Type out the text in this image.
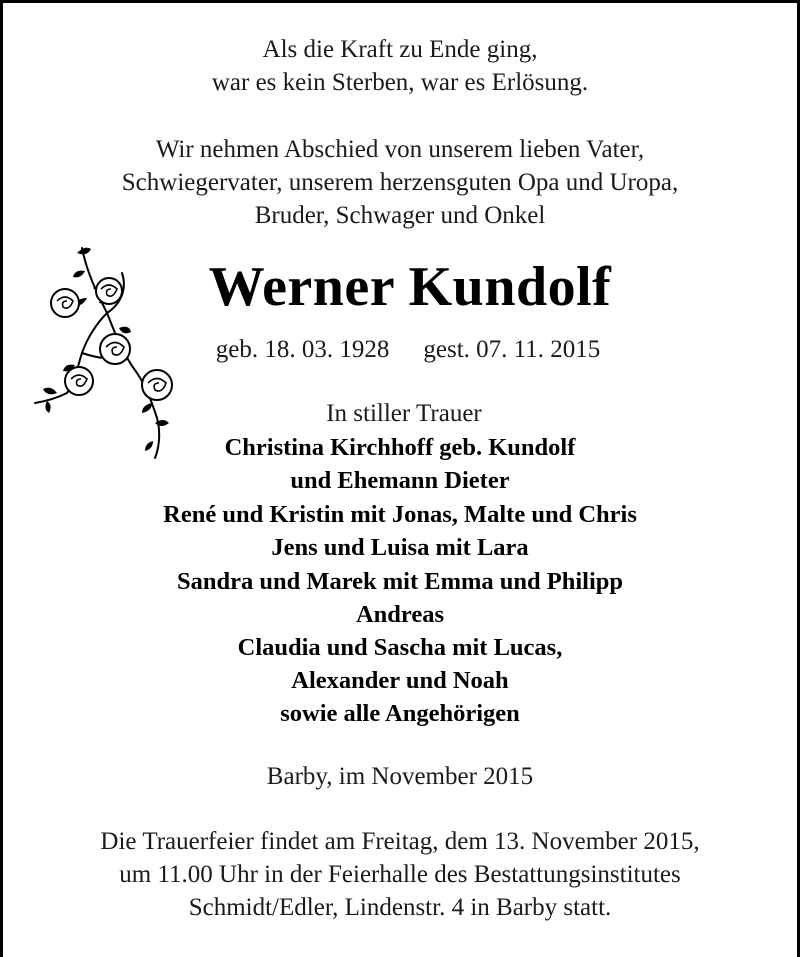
Als die Kraft zu Ende ging,
war es kein Sterben, war es Erlösung.
Wir nehmen Abschied von unserem lieben Vater,
Schwiegervater, unserem herzensguten Opa und Uropa,
Bruder, Schwager und Onkel
Werner Kundolf
geb. 18. 03. 1928 gest. 07. 11. 2015
In stiller Trauer
Christina Kirchhoff geb. Kundolf
und Ehemann Dieter
René und Kristin mit Jonas, Malte und Chris
Jens und Luisa mit Lara
Sandra und Marek mit Emma und Philipp
Andreas
Claudia und Sascha mit Lucas,
Alexander und Noah
sowie alle Angehörigen
Barby, im November 2015
Die Trauerfeier findet am Freitag, dem 13. November 2015,
um 11.00 Uhr in der Feierhalle des Bestattungsinstitutes
Schmidt/Edler, Lindenstr. 4 in Barby statt.
